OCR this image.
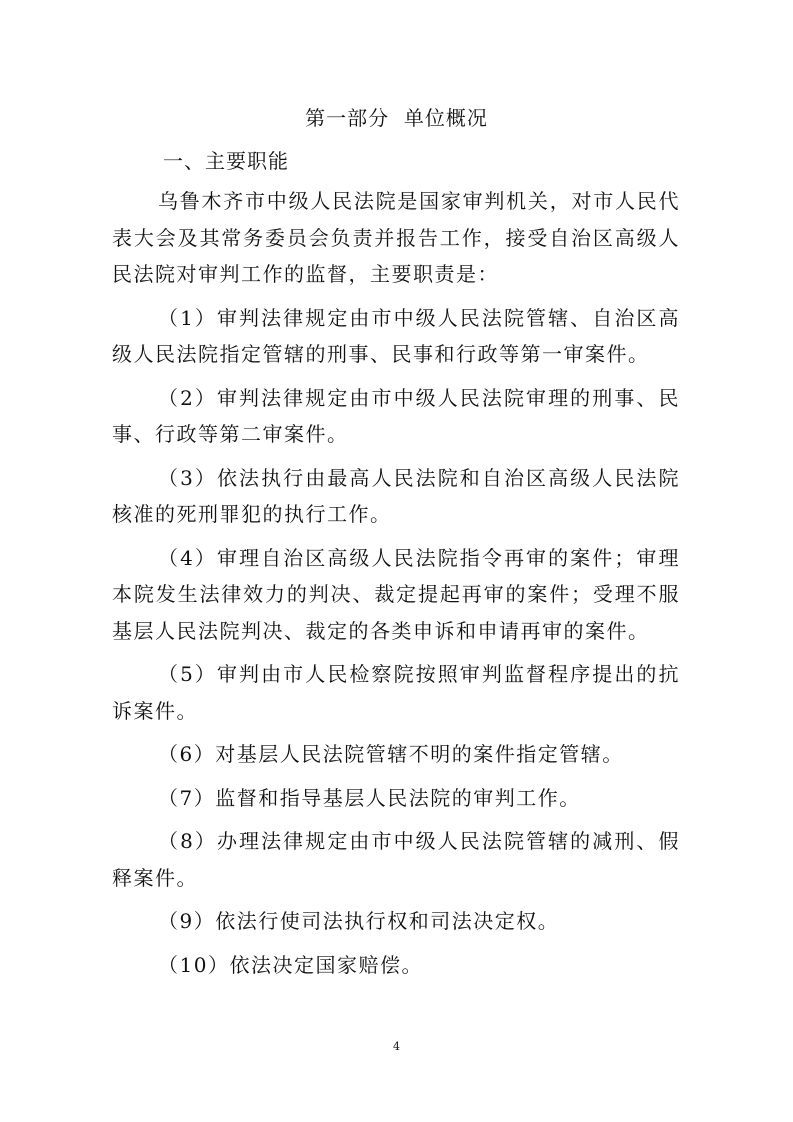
第一部分  单位概况
一、主要职能

乌鲁木齐市中级人民法院是国家审判机关，对市人民代表大会及其常务委员会负责并报告工作，接受自治区高级人民法院对审判工作的监督，主要职责是：

（1）审判法律规定由市中级人民法院管辖、自治区高级人民法院指定管辖的刑事、民事和行政等第一审案件。

（2）审判法律规定由市中级人民法院审理的刑事、民事、行政等第二审案件。

（3）依法执行由最高人民法院和自治区高级人民法院核准的死刑罪犯的执行工作。

（4）审理自治区高级人民法院指令再审的案件；审理本院发生法律效力的判决、裁定提起再审的案件；受理不服基层人民法院判决、裁定的各类申诉和申请再审的案件。

（5）审判由市人民检察院按照审判监督程序提出的抗诉案件。

（6）对基层人民法院管辖不明的案件指定管辖。

（7）监督和指导基层人民法院的审判工作。

（8）办理法律规定由市中级人民法院管辖的减刑、假释案件。

（9）依法行使司法执行权和司法决定权。

（10）依法决定国家赔偿。

4
